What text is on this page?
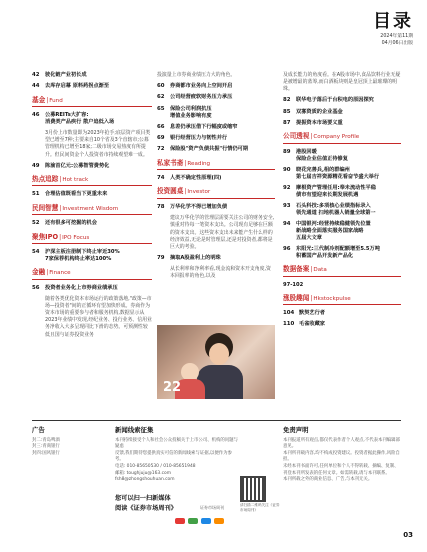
目录
2024年第11期
04月06日出版
42	驶化链产业初长成
44	去库存启幕 原料药拐点渐至
基金 | Fund
46	公募REITs大扩容:
消费类产品疾行 散户追低入场
3月份上市数量即为2023年抢手;底层资产项目类型已增至7种;主要来自10个省及3个直辖市;公募管理机构已增至18家;二级市场交易热度有所提升。但民间资金个人投资者市持续观望难一成。
49	陈渝首亿元:公募智管费势化
热点追踪 | Hot track
51	合理估值既看当下更重未来
民间智慧 | Investment Wisdom
52	还有很多可挖掘的机会
聚焦IPO | IPO Focus
54	沪深主板注册制下终止审近30%
7家保荐机构终止率达100%
金融 | Finance
56	投资者业务化上市券商业绩承压
随着各类优化资本市场运行的政策落地,"政策—市场—投资者"间的正循环有望加快形成。券商作为资本市场的重要参与者和服务机构,数据显示从2023年业绩中发现,经纪业务、投行业务、信用业务净收入大多呈现同比下滑的态势。可预测性较低且国与证券投资业务
投演量上市券商业绩压力大的角色。
60	券商都市业务向上空间开启
62	公司经营疲软财务压力承压
65	保险公司利润抗压
增值业务影响有度
66	息差仍承压借下行幅度或缩窄
69	银行经营压力与韧性并行
72	保险股"资产负债共振"行情仍可期
私家书斋 | Reading
74	人类不确定性原理(四)
投资圆桌 | Investor
78	万华化学不得已增加负债
建议万华化学的管理层需要关注公司的财务安全,慎重对待每一笔资本支出。公司现有足够在巨额的资本支出。这些资本支出未来能产生什么样的经济效益,无论是时管理层,还是对投资者,都将是巨大的考验。
79	摘取A股盈利上的明珠
从长利率和净利率看,现金流和资本开支角度,资本回报率的角色,以及
22
及成长能力的角度看。在A股市场中,食品饮料行业无疑是被增最的蓝筹,而白酒板块则是皇冠顶上最璀璨的明珠。
82	联华电子落后于台积电的原因探究
85	双寡资质的企业基金
87	提振资本市场要义重
公司透视 | Company Profile
89	港股回暖
保险企业估值正待修复
90	晓花完善兵,相的群编州
第七届吉祥资源精花看奋节盛大举行
92	摩根资产管理任用:奉未流动性平稳
债市有望迎来长期发展机遇
93	石头科技:多项核心业绩指标录入
领先通道 扫地机器人销量全球第一
94	中国银河:经营持续稳健领先位置
新战略全面落实服务国家战略
五届大文章
96	东阳光:三代制冷剂配额增至5.5万吨
积蓄国产品开发新产品化
数据备案 | Data
97-102
涨股趣闻 | Hkstockpulse
104 默契艺行者
110 毛雀收藏家
广告
封二:青岛啤酒
封三:青商银行
封四:国风银行
新闻线索征集
本刊持续接受个人和社会公众投稿关于上市公司、机构的问题与疑虑
反馈,我们期待您提供真实可信的新闻线索与证据,以便作为参考。
电话: 010-85650530 / 010-85651948
邮箱: toughjuju@163.com
fsh8@zhongshouhuan.com
您可以扫一扫新媒体
阅读《证券市场周刊》	请扫描二维码关注《证券市场周刊》
证券市场周刊
免责声明
本刊报道所有观点,都仅代表作者个人观点,不代表本刊编辑部意见。
本刊所刊载内容,均不构成投资建议。投资者据此操作,风险自担。
未经本刊书面许可,任何单位和个人不得转载、摘编、复制、
刊登本刊所发表的任何文章。如需转载,请与本刊联系。
本刊所载之外的商业信息、广告,与本刊无关。
03
